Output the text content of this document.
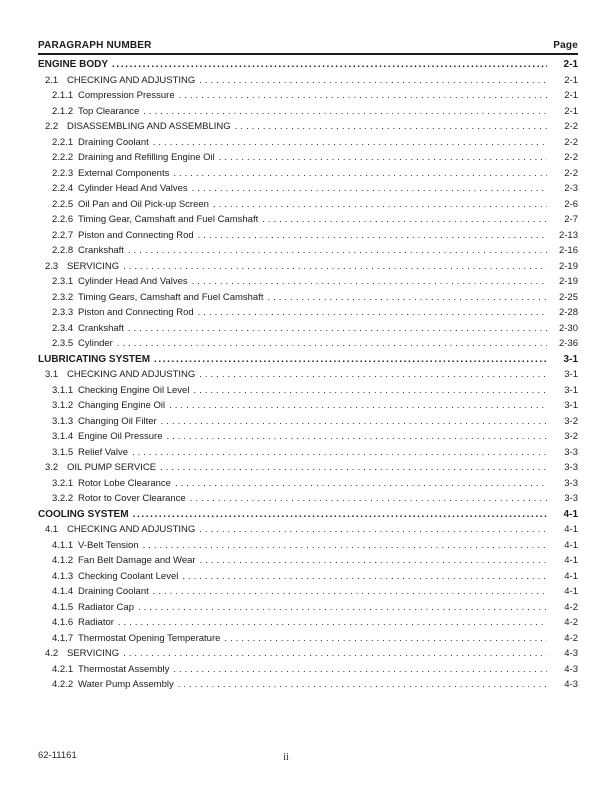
PARAGRAPH NUMBER	Page
ENGINE BODY .....	2-1
2.1 CHECKING AND ADJUSTING .....	2-1
2.1.1 Compression Pressure .....	2-1
2.1.2 Top Clearance .....	2-1
2.2 DISASSEMBLING AND ASSEMBLING .....	2-2
2.2.1 Draining Coolant .....	2-2
2.2.2 Draining and Refilling Engine Oil .....	2-2
2.2.3 External Components .....	2-2
2.2.4 Cylinder Head And Valves .....	2-3
2.2.5 Oil Pan and Oil Pick-up Screen .....	2-6
2.2.6 Timing Gear, Camshaft and Fuel Camshaft .....	2-7
2.2.7 Piston and Connecting Rod .....	2-13
2.2.8 Crankshaft .....	2-16
2.3 SERVICING .....	2-19
2.3.1 Cylinder Head And Valves .....	2-19
2.3.2 Timing Gears, Camshaft and Fuel Camshaft .....	2-25
2.3.3 Piston and Connecting Rod .....	2-28
2.3.4 Crankshaft .....	2-30
2.3.5 Cylinder .....	2-36
LUBRICATING SYSTEM .....	3-1
3.1 CHECKING AND ADJUSTING .....	3-1
3.1.1 Checking Engine Oil Level .....	3-1
3.1.2 Changing Engine Oil .....	3-1
3.1.3 Changing Oil Filter .....	3-2
3.1.4 Engine Oil Pressure .....	3-2
3.1.5 Relief Valve .....	3-3
3.2 OIL PUMP SERVICE .....	3-3
3.2.1 Rotor Lobe Clearance .....	3-3
3.2.2 Rotor to Cover Clearance .....	3-3
COOLING SYSTEM .....	4-1
4.1 CHECKING AND ADJUSTING .....	4-1
4.1.1 V-Belt Tension .....	4-1
4.1.2 Fan Belt Damage and Wear .....	4-1
4.1.3 Checking Coolant Level .....	4-1
4.1.4 Draining Coolant .....	4-1
4.1.5 Radiator Cap .....	4-2
4.1.6 Radiator .....	4-2
4.1.7 Thermostat Opening Temperature .....	4-2
4.2 SERVICING .....	4-3
4.2.1 Thermostat Assembly .....	4-3
4.2.2 Water Pump Assembly .....	4-3
62-11161	ii
